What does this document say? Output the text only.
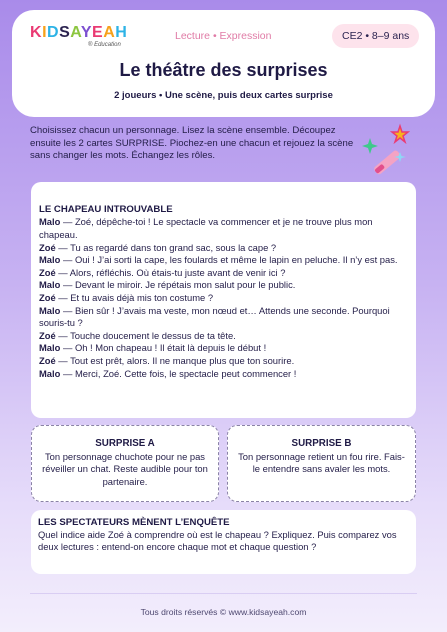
KIDSAYEAH
® Education
Lecture • Expression	CE2 • 8–9 ans
Le théâtre des surprises
2 joueurs • Une scène, puis deux cartes surprise
Choisissez chacun un personnage. Lisez la scène ensemble. Découpez ensuite les 2 cartes SURPRISE. Piochez-en une chacun et rejouez la scène sans changer les mots. Échangez les rôles.
LE CHAPEAU INTROUVABLE
Malo — Zoé, dépêche-toi ! Le spectacle va commencer et je ne trouve plus mon chapeau.
Zoé — Tu as regardé dans ton grand sac, sous la cape ?
Malo — Oui ! J’ai sorti la cape, les foulards et même le lapin en peluche. Il n’y est pas.
Zoé — Alors, réfléchis. Où étais-tu juste avant de venir ici ?
Malo — Devant le miroir. Je répétais mon salut pour le public.
Zoé — Et tu avais déjà mis ton costume ?
Malo — Bien sûr ! J’avais ma veste, mon nœud et… Attends une seconde. Pourquoi souris-tu ?
Zoé — Touche doucement le dessus de ta tête.
Malo — Oh ! Mon chapeau ! Il était là depuis le début !
Zoé — Tout est prêt, alors. Il ne manque plus que ton sourire.
Malo — Merci, Zoé. Cette fois, le spectacle peut commencer !
SURPRISE A

Ton personnage chuchote pour ne pas réveiller un chat. Reste audible pour ton partenaire.

SURPRISE B

Ton personnage retient un fou rire. Fais-le entendre sans avaler les mots.

LES SPECTATEURS MÈNENT L’ENQUÊTE

Quel indice aide Zoé à comprendre où est le chapeau ? Expliquez. Puis comparez vos deux lectures : entend-on encore chaque mot et chaque question ?

Tous droits réservés © www.kidsayeah.com
